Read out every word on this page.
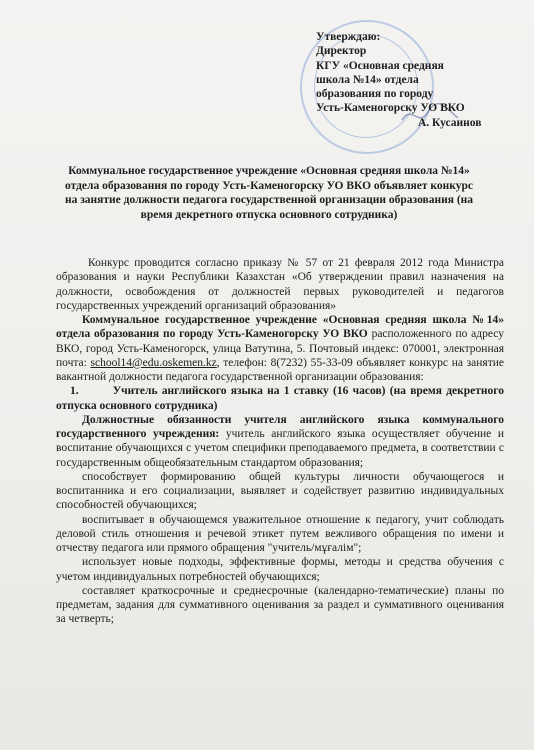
Утверждаю:
Директор
КГУ «Основная средняя
школа №14» отдела
образования по городу
Усть-Каменогорску УО ВКО
А. Кусаинов
Коммунальное государственное учреждение «Основная средняя школа №14» отдела образования по городу Усть-Каменогорску УО ВКО объявляет конкурс на занятие должности педагога государственной организации образования (на время декретного отпуска основного сотрудника)

Конкурс проводится согласно приказу № 57 от 21 февраля 2012 года Министра образования и науки Республики Казахстан «Об утверждении правил назначения на должности, освобождения от должностей первых руководителей и педагогов государственных учреждений организаций образования»

Коммунальное государственное учреждение «Основная средняя школа №14» отдела образования по городу Усть-Каменогорску УО ВКО расположенного по адресу ВКО, город Усть-Каменогорск, улица Ватутина, 5. Почтовый индекс: 070001, электронная почта: school14@edu.oskemen.kz, телефон: 8(7232) 55-33-09 объявляет конкурс на занятие вакантной должности педагога государственной организации образования:

1.	Учитель английского языка на 1 ставку (16 часов) (на время декретного отпуска основного сотрудника)

Должностные обязанности учителя английского языка коммунального государственного учреждения: учитель английского языка осуществляет обучение и воспитание обучающихся с учетом специфики преподаваемого предмета, в соответствии с государственным общеобязательным стандартом образования;

способствует формированию общей культуры личности обучающегося и воспитанника и его социализации, выявляет и содействует развитию индивидуальных способностей обучающихся;

воспитывает в обучающемся уважительное отношение к педагогу, учит соблюдать деловой стиль отношения и речевой этикет путем вежливого обращения по имени и отчеству педагога или прямого обращения "учитель/мұғалім";

использует новые подходы, эффективные формы, методы и средства обучения с учетом индивидуальных потребностей обучающихся;

составляет краткосрочные и среднесрочные (календарно-тематические) планы по предметам, задания для суммативного оценивания за раздел и суммативного оценивания за четверть;
